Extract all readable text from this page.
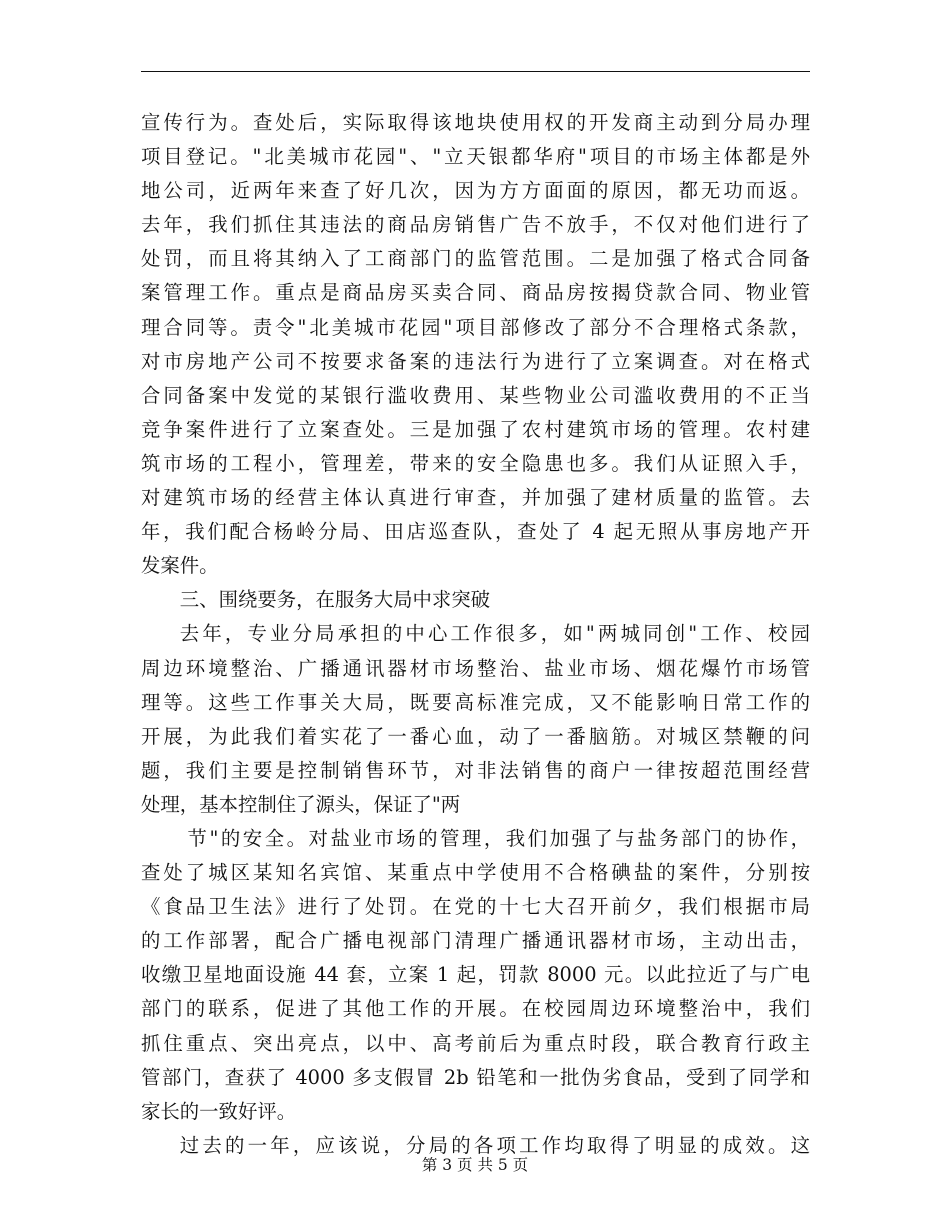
宣传行为。查处后，实际取得该地块使用权的开发商主动到分局办理
项目登记。"北美城市花园"、"立天银都华府"项目的市场主体都是外
地公司，近两年来查了好几次，因为方方面面的原因，都无功而返。
去年，我们抓住其违法的商品房销售广告不放手，不仅对他们进行了
处罚，而且将其纳入了工商部门的监管范围。二是加强了格式合同备
案管理工作。重点是商品房买卖合同、商品房按揭贷款合同、物业管
理合同等。责令"北美城市花园"项目部修改了部分不合理格式条款，
对市房地产公司不按要求备案的违法行为进行了立案调查。对在格式
合同备案中发觉的某银行滥收费用、某些物业公司滥收费用的不正当
竞争案件进行了立案查处。三是加强了农村建筑市场的管理。农村建
筑市场的工程小，管理差，带来的安全隐患也多。我们从证照入手，
对建筑市场的经营主体认真进行审查，并加强了建材质量的监管。去
年，我们配合杨岭分局、田店巡查队，查处了 4 起无照从事房地产开
发案件。
三、围绕要务，在服务大局中求突破
去年，专业分局承担的中心工作很多，如"两城同创"工作、校园
周边环境整治、广播通讯器材市场整治、盐业市场、烟花爆竹市场管
理等。这些工作事关大局，既要高标准完成，又不能影响日常工作的
开展，为此我们着实花了一番心血，动了一番脑筋。对城区禁鞭的问
题，我们主要是控制销售环节，对非法销售的商户一律按超范围经营
处理，基本控制住了源头，保证了"两
节"的安全。对盐业市场的管理，我们加强了与盐务部门的协作，
查处了城区某知名宾馆、某重点中学使用不合格碘盐的案件，分别按
《食品卫生法》进行了处罚。在党的十七大召开前夕，我们根据市局
的工作部署，配合广播电视部门清理广播通讯器材市场，主动出击，
收缴卫星地面设施 44 套，立案 1 起，罚款 8000 元。以此拉近了与广电
部门的联系，促进了其他工作的开展。在校园周边环境整治中，我们
抓住重点、突出亮点，以中、高考前后为重点时段，联合教育行政主
管部门，查获了 4000 多支假冒 2b 铅笔和一批伪劣食品，受到了同学和
家长的一致好评。
过去的一年，应该说，分局的各项工作均取得了明显的成效。这
第 3 页 共 5 页
